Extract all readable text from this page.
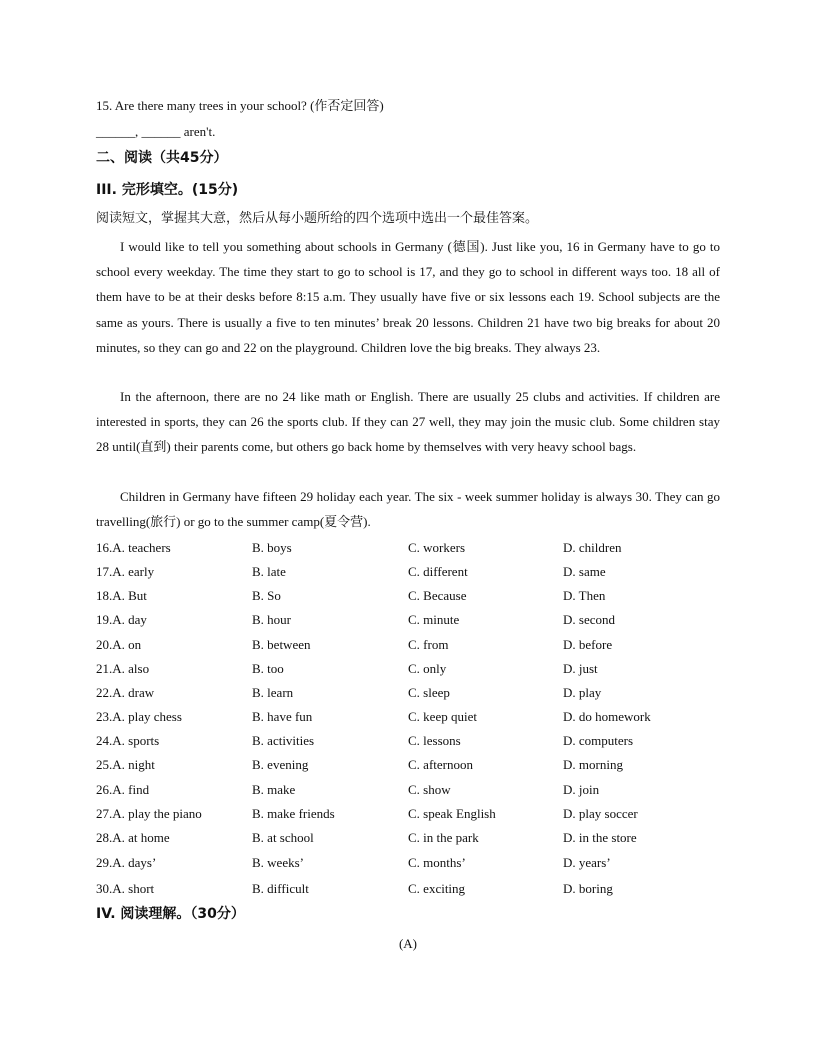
15. Are there many trees in your school? (作否定回答)
______, ______ aren't.
二、阅读（共45分）
III. 完形填空。(15分)
阅读短文，掌握其大意，然后从每小题所给的四个选项中选出一个最佳答案。
I would like to tell you something about schools in Germany (德国). Just like you, 16 in Germany have to go to school every weekday. The time they start to go to school is 17, and they go to school in different ways too. 18 all of them have to be at their desks before 8:15 a.m. They usually have five or six lessons each 19. School subjects are the same as yours. There is usually a five to ten minutes’ break 20 lessons. Children 21 have two big breaks for about 20 minutes, so they can go and 22 on the playground. Children love the big breaks. They always 23.
In the afternoon, there are no 24 like math or English. There are usually 25 clubs and activities. If children are interested in sports, they can 26 the sports club. If they can 27 well, they may join the music club. Some children stay 28 until(直到) their parents come, but others go back home by themselves with very heavy school bags.
Children in Germany have fifteen 29 holiday each year. The six - week summer holiday is always 30. They can go travelling(旅行) or go to the summer camp(夏令营).
16.A. teachers	B. boys	C. workers	D. children
17.A. early	B. late	C. different	D. same
18.A. But	B. So	C. Because	D. Then
19.A. day	B. hour	C. minute	D. second
20.A. on	B. between	C. from	D. before
21.A. also	B. too	C. only	D. just
22.A. draw	B. learn	C. sleep	D. play
23.A. play chess	B. have fun	C. keep quiet	D. do homework
24.A. sports	B. activities	C. lessons	D. computers
25.A. night	B. evening	C. afternoon	D. morning
26.A. find	B. make	C. show	D. join
27.A. play the piano	B. make friends	C. speak English	D. play soccer
28.A. at home	B. at school	C. in the park	D. in the store
29.A. days’	B. weeks’	C. months’	D. years’
30.A. short	B. difficult	C. exciting	D. boring
IV. 阅读理解。（30分）
(A)
